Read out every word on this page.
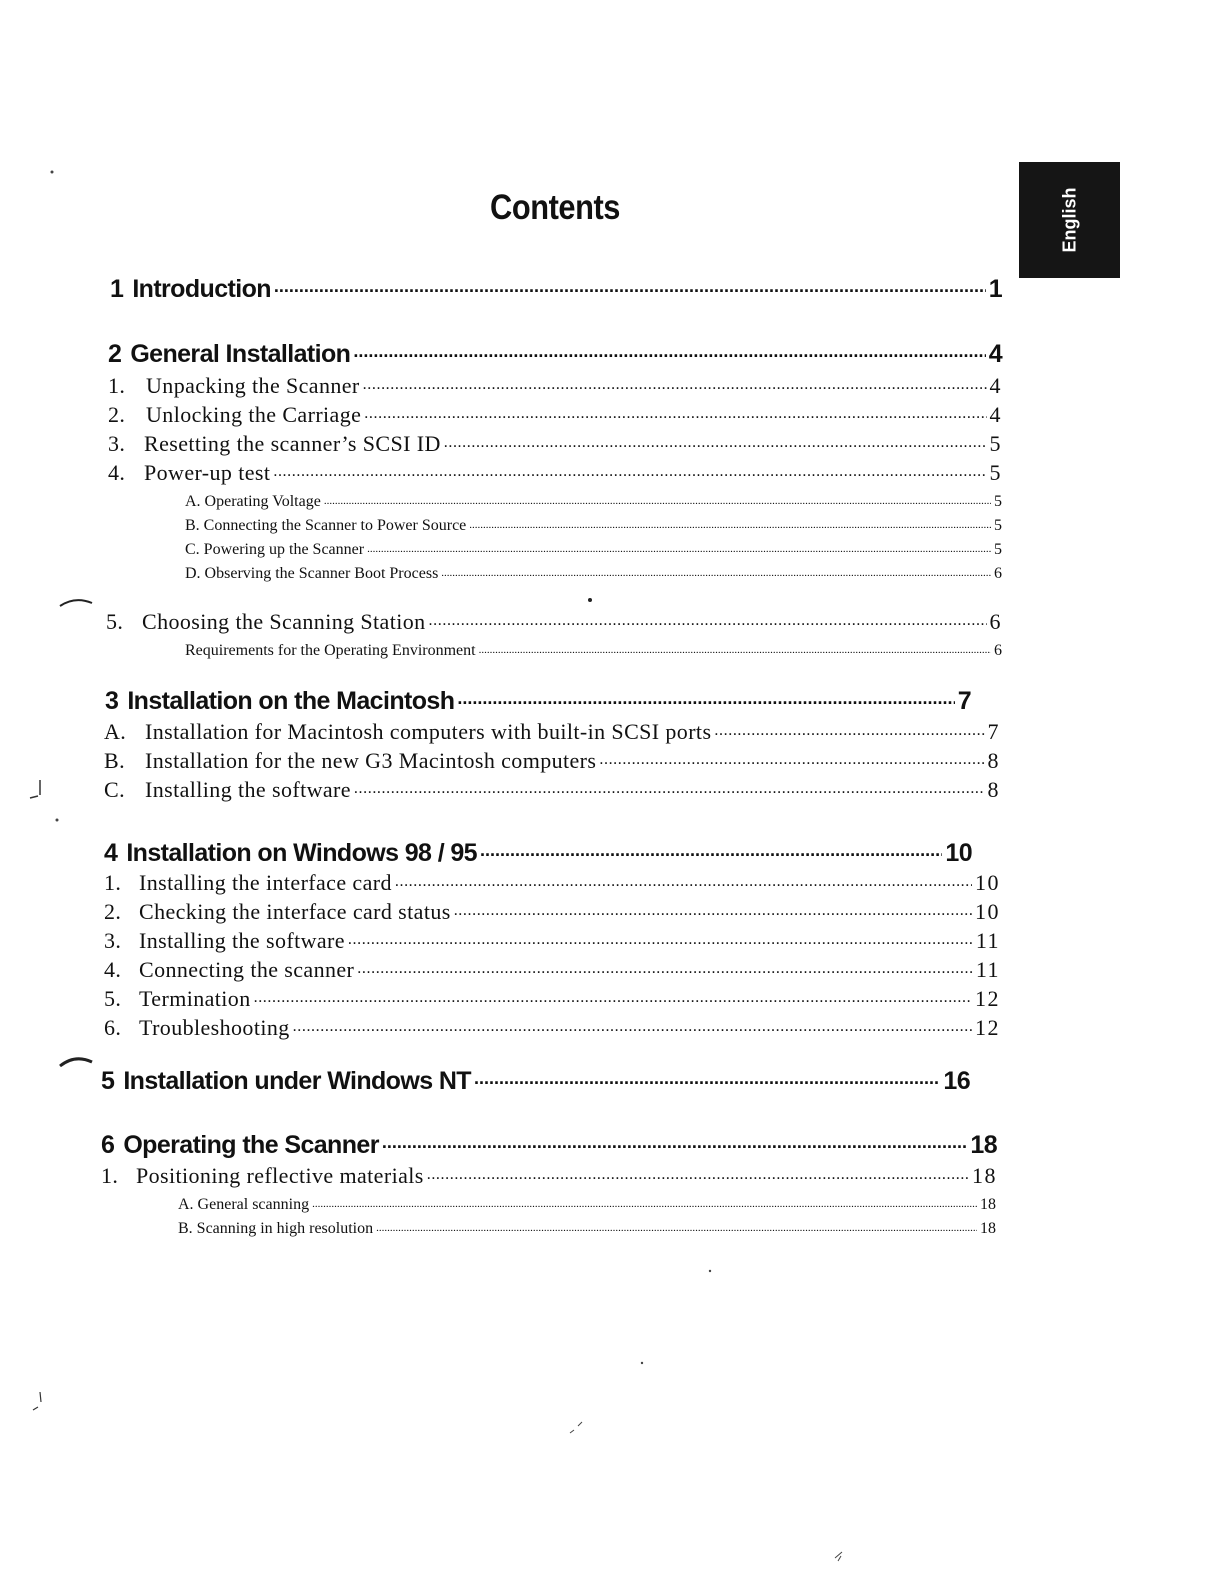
Contents	English
1 Introduction .....	1
2 General Installation .....	4
1. Unpacking the Scanner .....	4
2. Unlocking the Carriage .....	4
3. Resetting the scanner’s SCSI ID .....	5
4. Power-up test .....	5
A. Operating Voltage .....	5
B. Connecting the Scanner to Power Source .....	5
C. Powering up the Scanner .....	5
D. Observing the Scanner Boot Process .....	6
5. Choosing the Scanning Station .....	6
Requirements for the Operating Environment .....	6
3 Installation on the Macintosh .....	7
A. Installation for Macintosh computers with built-in SCSI ports .....	7
B. Installation for the new G3 Macintosh computers .....	8
C. Installing the software .....	8
4 Installation on Windows 98 / 95 .....	10
1. Installing the interface card .....	10
2. Checking the interface card status .....	10
3. Installing the software .....	11
4. Connecting the scanner .....	11
5. Termination .....	12
6. Troubleshooting .....	12
5 Installation under Windows NT .....	16
6 Operating the Scanner .....	18
1. Positioning reflective materials .....	18
A. General scanning .....	18
B. Scanning in high resolution .....	18
